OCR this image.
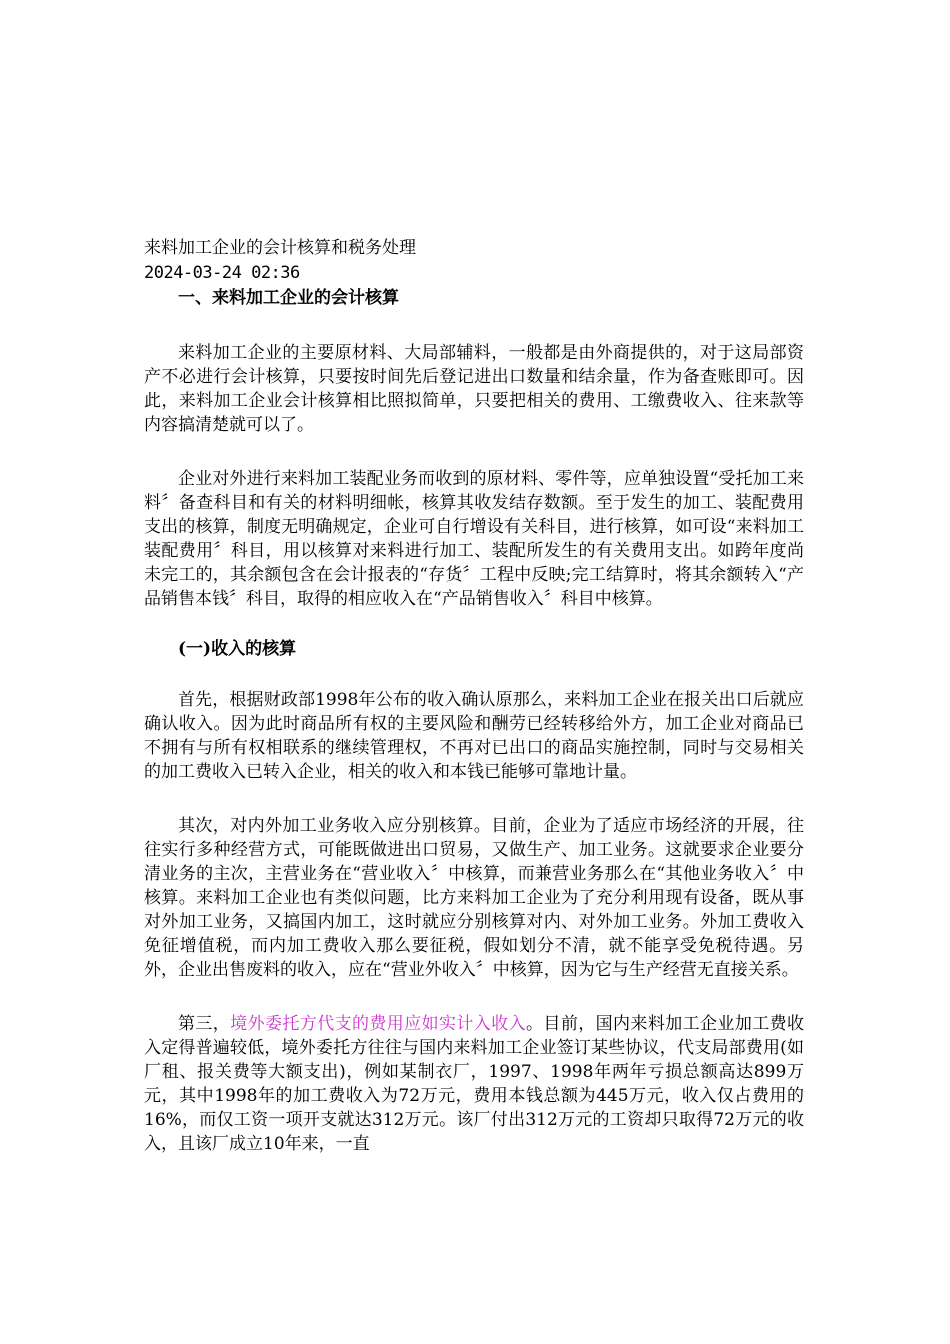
来料加工企业的会计核算和税务处理

2024-03-24 02:36

一、来料加工企业的会计核算

来料加工企业的主要原材料、大局部辅料，一般都是由外商提供的，对于这局部资产不必进行会计核算，只要按时间先后登记进出口数量和结余量，作为备查账即可。因此，来料加工企业会计核算相比照拟简单，只要把相关的费用、工缴费收入、往来款等内容搞清楚就可以了。

企业对外进行来料加工装配业务而收到的原材料、零件等，应单独设置“受托加工来料〞备查科目和有关的材料明细帐，核算其收发结存数额。至于发生的加工、装配费用支出的核算，制度无明确规定，企业可自行增设有关科目，进行核算，如可设“来料加工装配费用〞科目，用以核算对来料进行加工、装配所发生的有关费用支出。如跨年度尚未完工的，其余额包含在会计报表的“存货〞工程中反映;完工结算时，将其余额转入“产品销售本钱〞科目，取得的相应收入在“产品销售收入〞科目中核算。

(一)收入的核算

首先，根据财政部1998年公布的收入确认原那么，来料加工企业在报关出口后就应确认收入。因为此时商品所有权的主要风险和酬劳已经转移给外方，加工企业对商品已不拥有与所有权相联系的继续管理权，不再对已出口的商品实施控制，同时与交易相关的加工费收入已转入企业，相关的收入和本钱已能够可靠地计量。

其次，对内外加工业务收入应分别核算。目前，企业为了适应市场经济的开展，往往实行多种经营方式，可能既做进出口贸易，又做生产、加工业务。这就要求企业要分清业务的主次，主营业务在“营业收入〞中核算，而兼营业务那么在“其他业务收入〞中核算。来料加工企业也有类似问题，比方来料加工企业为了充分利用现有设备，既从事对外加工业务，又搞国内加工，这时就应分别核算对内、对外加工业务。外加工费收入免征增值税，而内加工费收入那么要征税，假如划分不清，就不能享受免税待遇。另外，企业出售废料的收入，应在“营业外收入〞中核算，因为它与生产经营无直接关系。

第三，境外委托方代支的费用应如实计入收入。目前，国内来料加工企业加工费收入定得普遍较低，境外委托方往往与国内来料加工企业签订某些协议，代支局部费用(如厂租、报关费等大额支出)，例如某制衣厂，1997、1998年两年亏损总额高达899万元，其中1998年的加工费收入为72万元，费用本钱总额为445万元，收入仅占费用的16%，而仅工资一项开支就达312万元。该厂付出312万元的工资却只取得72万元的收入，且该厂成立10年来，一直
